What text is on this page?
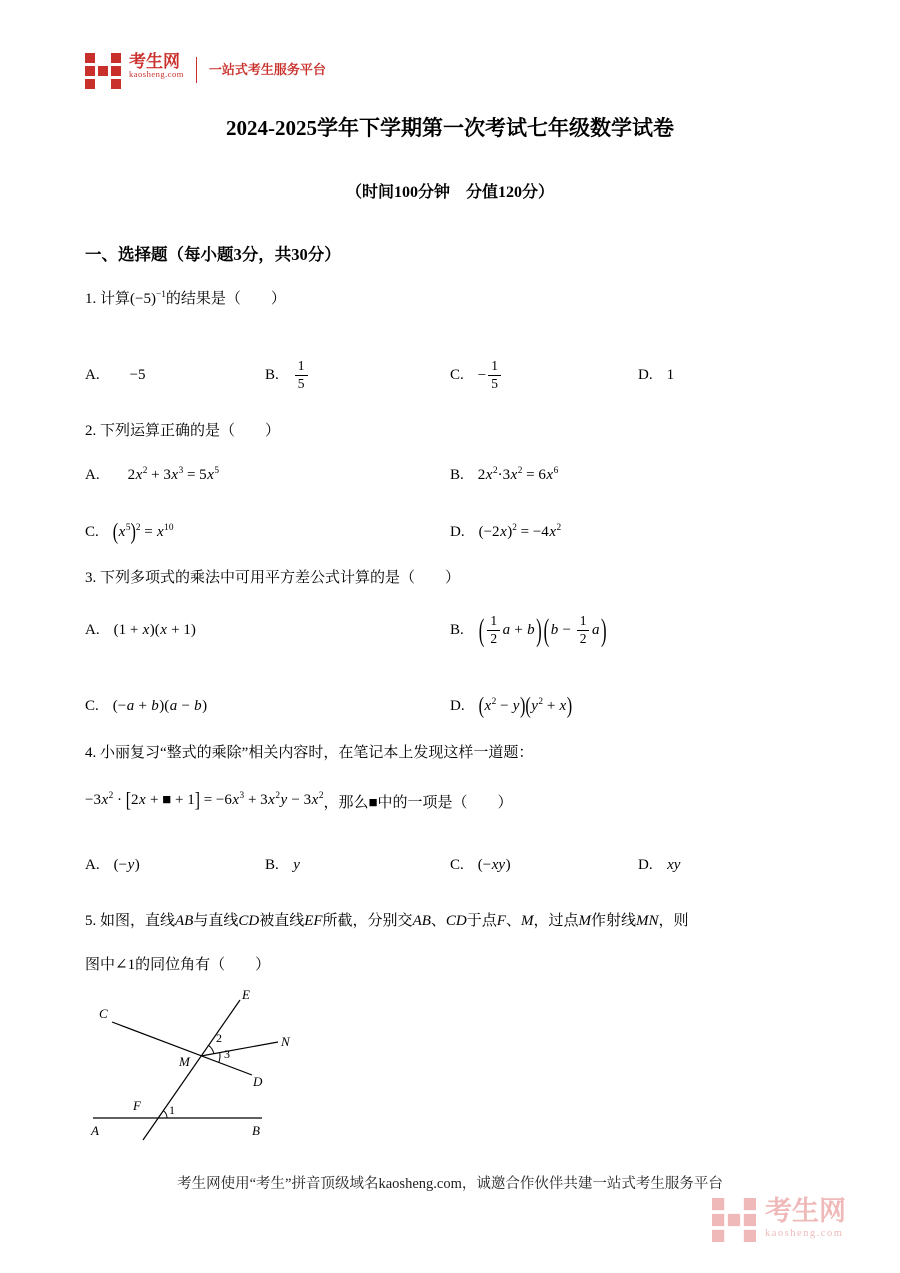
考生网
kaosheng.com 一站式考生服务平台
2024-2025学年下学期第一次考试七年级数学试卷
（时间100分钟　分值120分）
一、选择题（每小题3分，共30分）
1. 计算$(-5)^{-1}$的结果是（  ）
A. −5	B. $\frac{1}{5}$	C. − $\frac{1}{5}$	D. 1
2. 下列运算正确的是（  ）
A. $2x^2 + 3x^3 = 5x^5$	B. $2x^2\cdot 3x^2 = 6x^6$
C. $(x^5)^2 = x^{10}$	D. $(-2x)^2 = -4x^2$
3. 下列多项式的乘法中可用平方差公式计算的是（  ）
A. (1 + x)(x + 1)	B. ( $\frac{1}{2}$ a + b) ( $b - \frac{1}{2} a$)
C. (−a + b)(a − b)	D. $(x^2 - y)(y^2 + x)$
4. 小丽复习“整式的乘除”相关内容时，在笔记本上发现这样一道题：
$-3x^2 \cdot [2x$ + ■ + $1] = -6x^3 + 3x^2y - 3x^2$ ，那么■中的一项是（  ）
A. (−y)	B. y	C. (−xy)	D. xy
5. 如图，直线AB与直线CD被直线EF所截，分别交AB、CD于点F、M，过点M作射线MN，则
图中∠1的同位角有（  ）
C
E
N
D
M
F
A	B
1
2
3
考生网使用“考生”拼音顶级域名kaosheng.com，诚邀合作伙伴共建一站式考生服务平台
考生网
kaosheng.com
